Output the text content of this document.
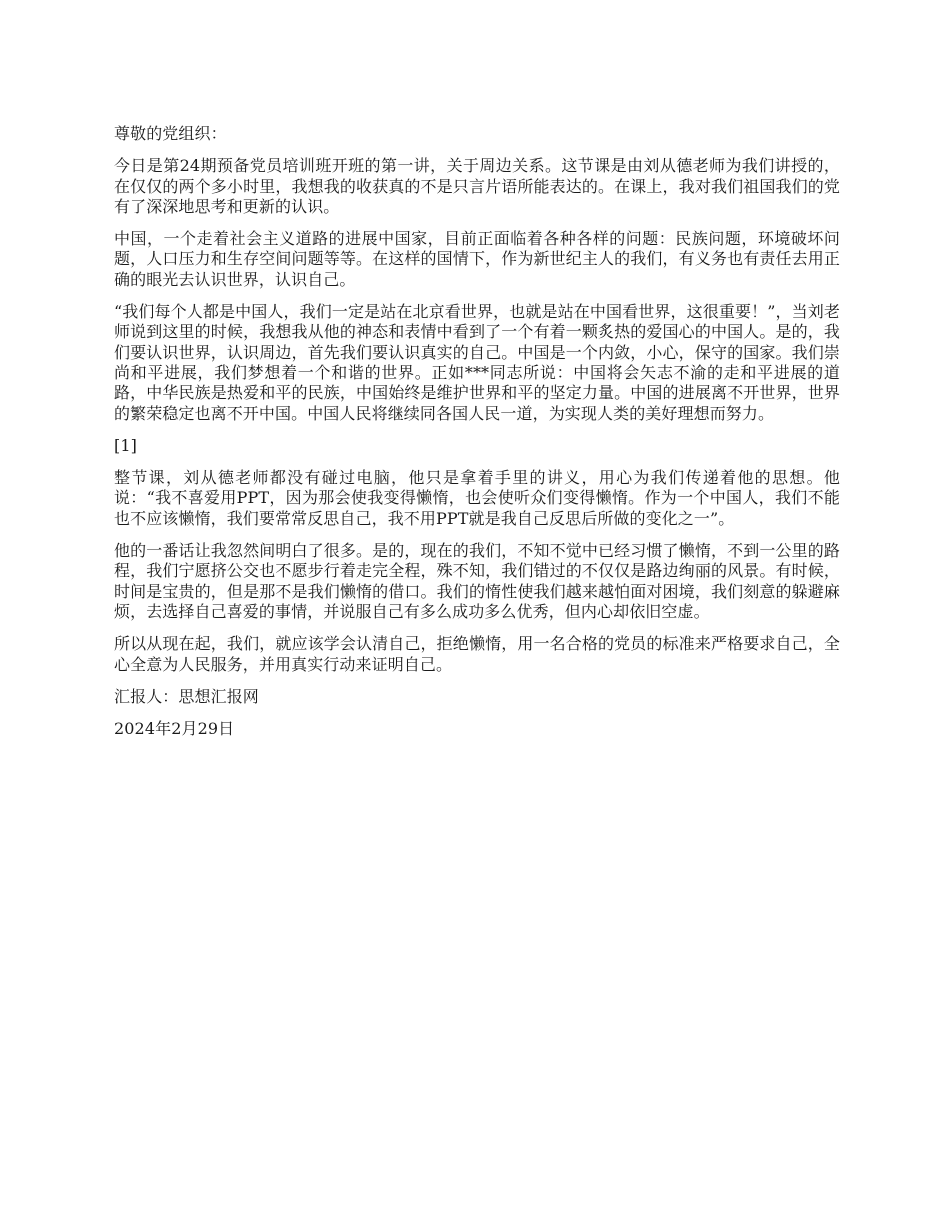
尊敬的党组织：

今日是第24期预备党员培训班开班的第一讲，关于周边关系。这节课是由刘从德老师为我们讲授的，在仅仅的两个多小时里，我想我的收获真的不是只言片语所能表达的。在课上，我对我们祖国我们的党有了深深地思考和更新的认识。

中国，一个走着社会主义道路的进展中国家，目前正面临着各种各样的问题：民族问题，环境破坏问题，人口压力和生存空间问题等等。在这样的国情下，作为新世纪主人的我们，有义务也有责任去用正确的眼光去认识世界，认识自己。

“我们每个人都是中国人，我们一定是站在北京看世界，也就是站在中国看世界，这很重要！”，当刘老师说到这里的时候，我想我从他的神态和表情中看到了一个有着一颗炙热的爱国心的中国人。是的，我们要认识世界，认识周边，首先我们要认识真实的自己。中国是一个内敛，小心，保守的国家。我们崇尚和平进展，我们梦想着一个和谐的世界。正如***同志所说：中国将会矢志不渝的走和平进展的道路，中华民族是热爱和平的民族，中国始终是维护世界和平的坚定力量。中国的进展离不开世界，世界的繁荣稳定也离不开中国。中国人民将继续同各国人民一道，为实现人类的美好理想而努力。

[1]

整节课，刘从德老师都没有碰过电脑，他只是拿着手里的讲义，用心为我们传递着他的思想。他说：“我不喜爱用PPT，因为那会使我变得懒惰，也会使听众们变得懒惰。作为一个中国人，我们不能也不应该懒惰，我们要常常反思自己，我不用PPT就是我自己反思后所做的变化之一”。

他的一番话让我忽然间明白了很多。是的，现在的我们，不知不觉中已经习惯了懒惰，不到一公里的路程，我们宁愿挤公交也不愿步行着走完全程，殊不知，我们错过的不仅仅是路边绚丽的风景。有时候，时间是宝贵的，但是那不是我们懒惰的借口。我们的惰性使我们越来越怕面对困境，我们刻意的躲避麻烦，去选择自己喜爱的事情，并说服自己有多么成功多么优秀，但内心却依旧空虚。

所以从现在起，我们，就应该学会认清自己，拒绝懒惰，用一名合格的党员的标准来严格要求自己，全心全意为人民服务，并用真实行动来证明自己。

汇报人：思想汇报网

2024年2月29日
